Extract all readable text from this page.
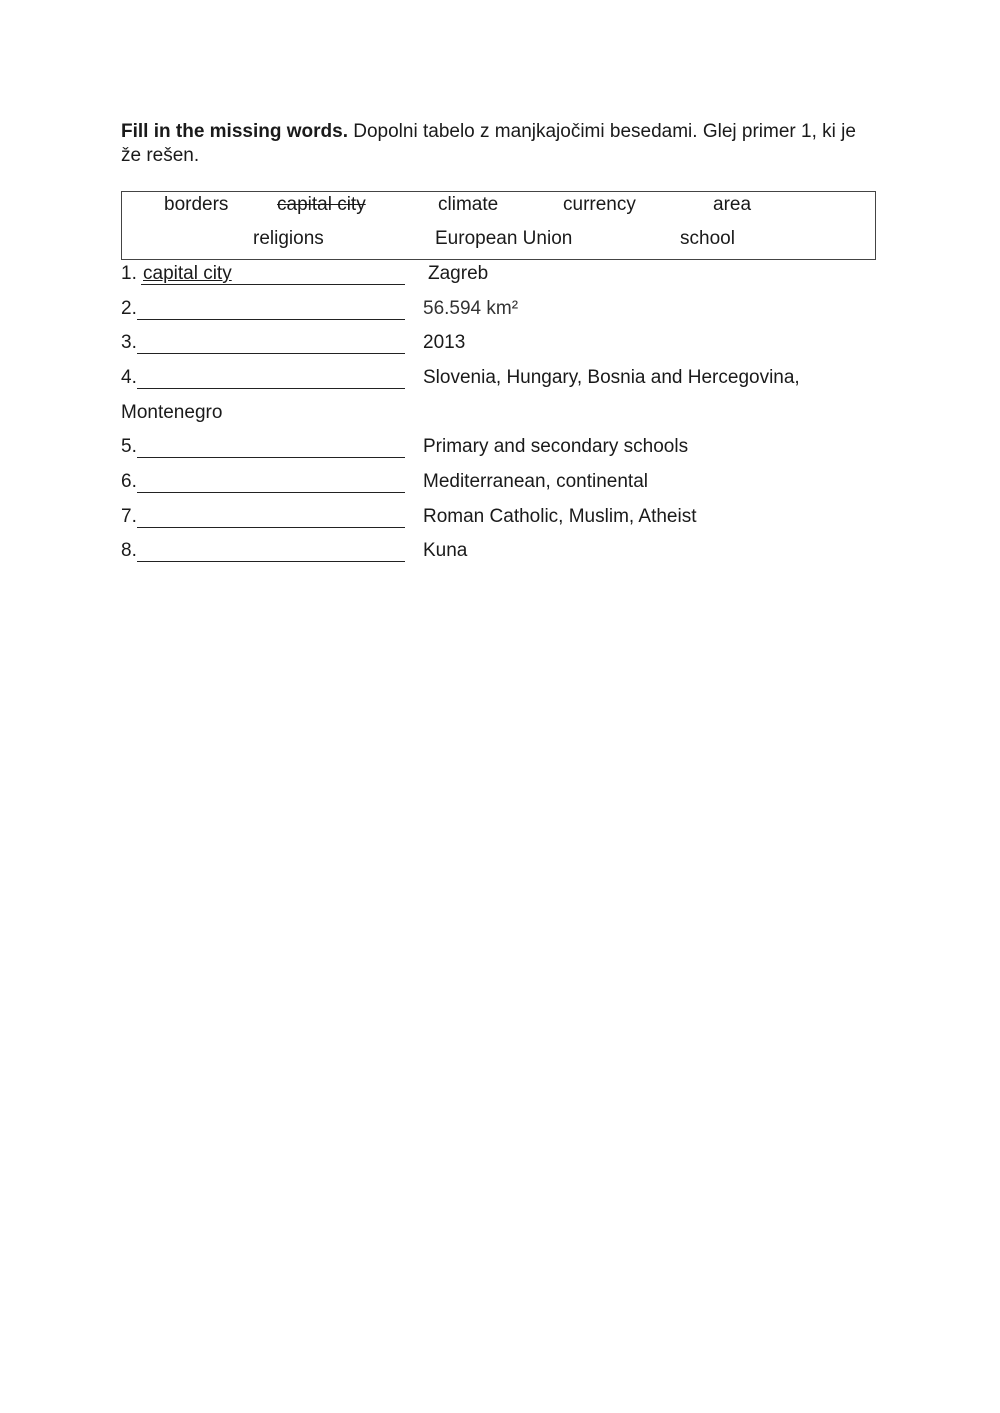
Fill in the missing words. Dopolni tabelo z manjkajočimi besedami. Glej primer 1, ki je že rešen.
borders	capital city	climate	currency	area
religions	European Union	school
1. capital city	Zagreb
2.	56.594 km²
3.	2013
4.	Slovenia, Hungary, Bosnia and Hercegovina,
Montenegro
5.	Primary and secondary schools
6.	Mediterranean, continental
7.	Roman Catholic, Muslim, Atheist
8.	Kuna
